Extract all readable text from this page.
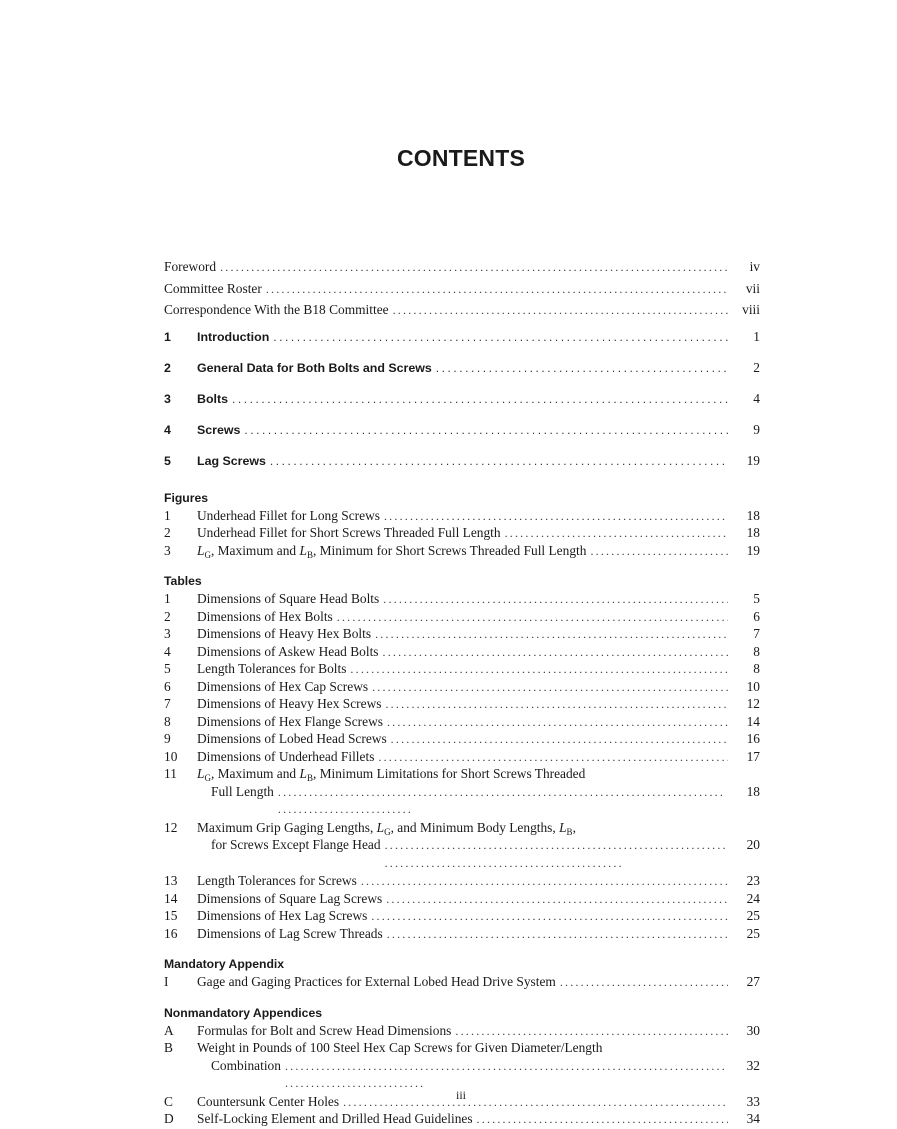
CONTENTS
Foreword . . .	iv
Committee Roster . . .	vii
Correspondence With the B18 Committee . . .	viii
1	Introduction . . .	1
2	General Data for Both Bolts and Screws . . .	2
3	Bolts . . .	4
4	Screws . . .	9
5	Lag Screws . . .	19
Figures
1	Underhead Fillet for Long Screws . . .	18
2	Underhead Fillet for Short Screws Threaded Full Length . . .	18
3	$L_G$, Maximum and $L_B$, Minimum for Short Screws Threaded Full Length . . .	19
Tables
1	Dimensions of Square Head Bolts . . .	5
2	Dimensions of Hex Bolts . . .	6
3	Dimensions of Heavy Hex Bolts . . .	7
4	Dimensions of Askew Head Bolts . . .	8
5	Length Tolerances for Bolts . . .	8
6	Dimensions of Hex Cap Screws . . .	10
7	Dimensions of Heavy Hex Screws . . .	12
8	Dimensions of Hex Flange Screws . . .	14
9	Dimensions of Lobed Head Screws . . .	16
10	Dimensions of Underhead Fillets . . .	17
11	$L_G$, Maximum and $L_B$, Minimum Limitations for Short Screws Threaded
Full Length . . .	18
12	Maximum Grip Gaging Lengths, $L_G$, and Minimum Body Lengths, $L_B$,
for Screws Except Flange Head . . .	20
13	Length Tolerances for Screws . . .	23
14	Dimensions of Square Lag Screws . . .	24
15	Dimensions of Hex Lag Screws . . .	25
16	Dimensions of Lag Screw Threads . . .	25
Mandatory Appendix
I	Gage and Gaging Practices for External Lobed Head Drive System . . .	27
Nonmandatory Appendices
A	Formulas for Bolt and Screw Head Dimensions . . .	30
B	Weight in Pounds of 100 Steel Hex Cap Screws for Given Diameter/Length
Combination . . .	32
C	Countersunk Center Holes . . .	33
D	Self-Locking Element and Drilled Head Guidelines . . .	34
iii
